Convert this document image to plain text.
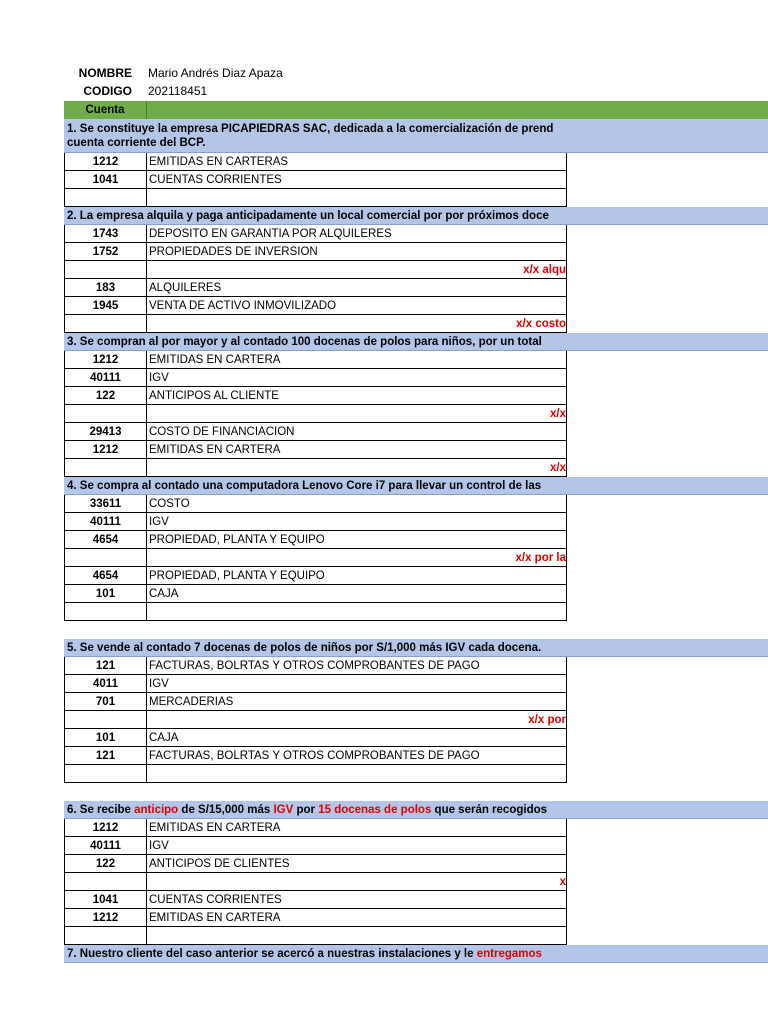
NOMBRE Mario Andrés Diaz Apaza
CODIGO 202118451
Cuenta
1. Se constituye la empresa PICAPIEDRAS SAC, dedicada a la comercialización de prend
cuenta corriente del BCP.
1212	EMITIDAS EN CARTERAS
1041	CUENTAS CORRIENTES
2. La empresa alquila y paga anticipadamente un local comercial por por próximos doce
1743	DEPOSITO EN GARANTIA POR ALQUILERES
1752	PROPIEDADES DE INVERSION
x/x alqu
183	ALQUILERES
1945	VENTA DE ACTIVO INMOVILIZADO
x/x costo
3. Se compran al por mayor y al contado 100 docenas de polos para niños, por un total
1212	EMITIDAS EN CARTERA
40111	IGV
122	ANTICIPOS AL CLIENTE
x/x
29413	COSTO DE FINANCIACION
1212	EMITIDAS EN CARTERA
x/x
4. Se compra al contado una computadora Lenovo Core i7 para llevar un control de las
33611	COSTO
40111	IGV
4654	PROPIEDAD, PLANTA Y EQUIPO
x/x por la
4654	PROPIEDAD, PLANTA Y EQUIPO
101	CAJA
5. Se vende al contado 7 docenas de polos de niños por S/1,000 más IGV cada docena.
121	FACTURAS, BOLRTAS Y OTROS COMPROBANTES DE PAGO
4011	IGV
701	MERCADERIAS
x/x por
101	CAJA
121	FACTURAS, BOLRTAS Y OTROS COMPROBANTES DE PAGO
6. Se recibe anticipo de S/15,000 más IGV por 15 docenas de polos que serán recogidos
1212	EMITIDAS EN CARTERA
40111	IGV
122	ANTICIPOS DE CLIENTES
x
1041	CUENTAS CORRIENTES
1212	EMITIDAS EN CARTERA
7. Nuestro cliente del caso anterior se acercó a nuestras instalaciones y le entregamos
